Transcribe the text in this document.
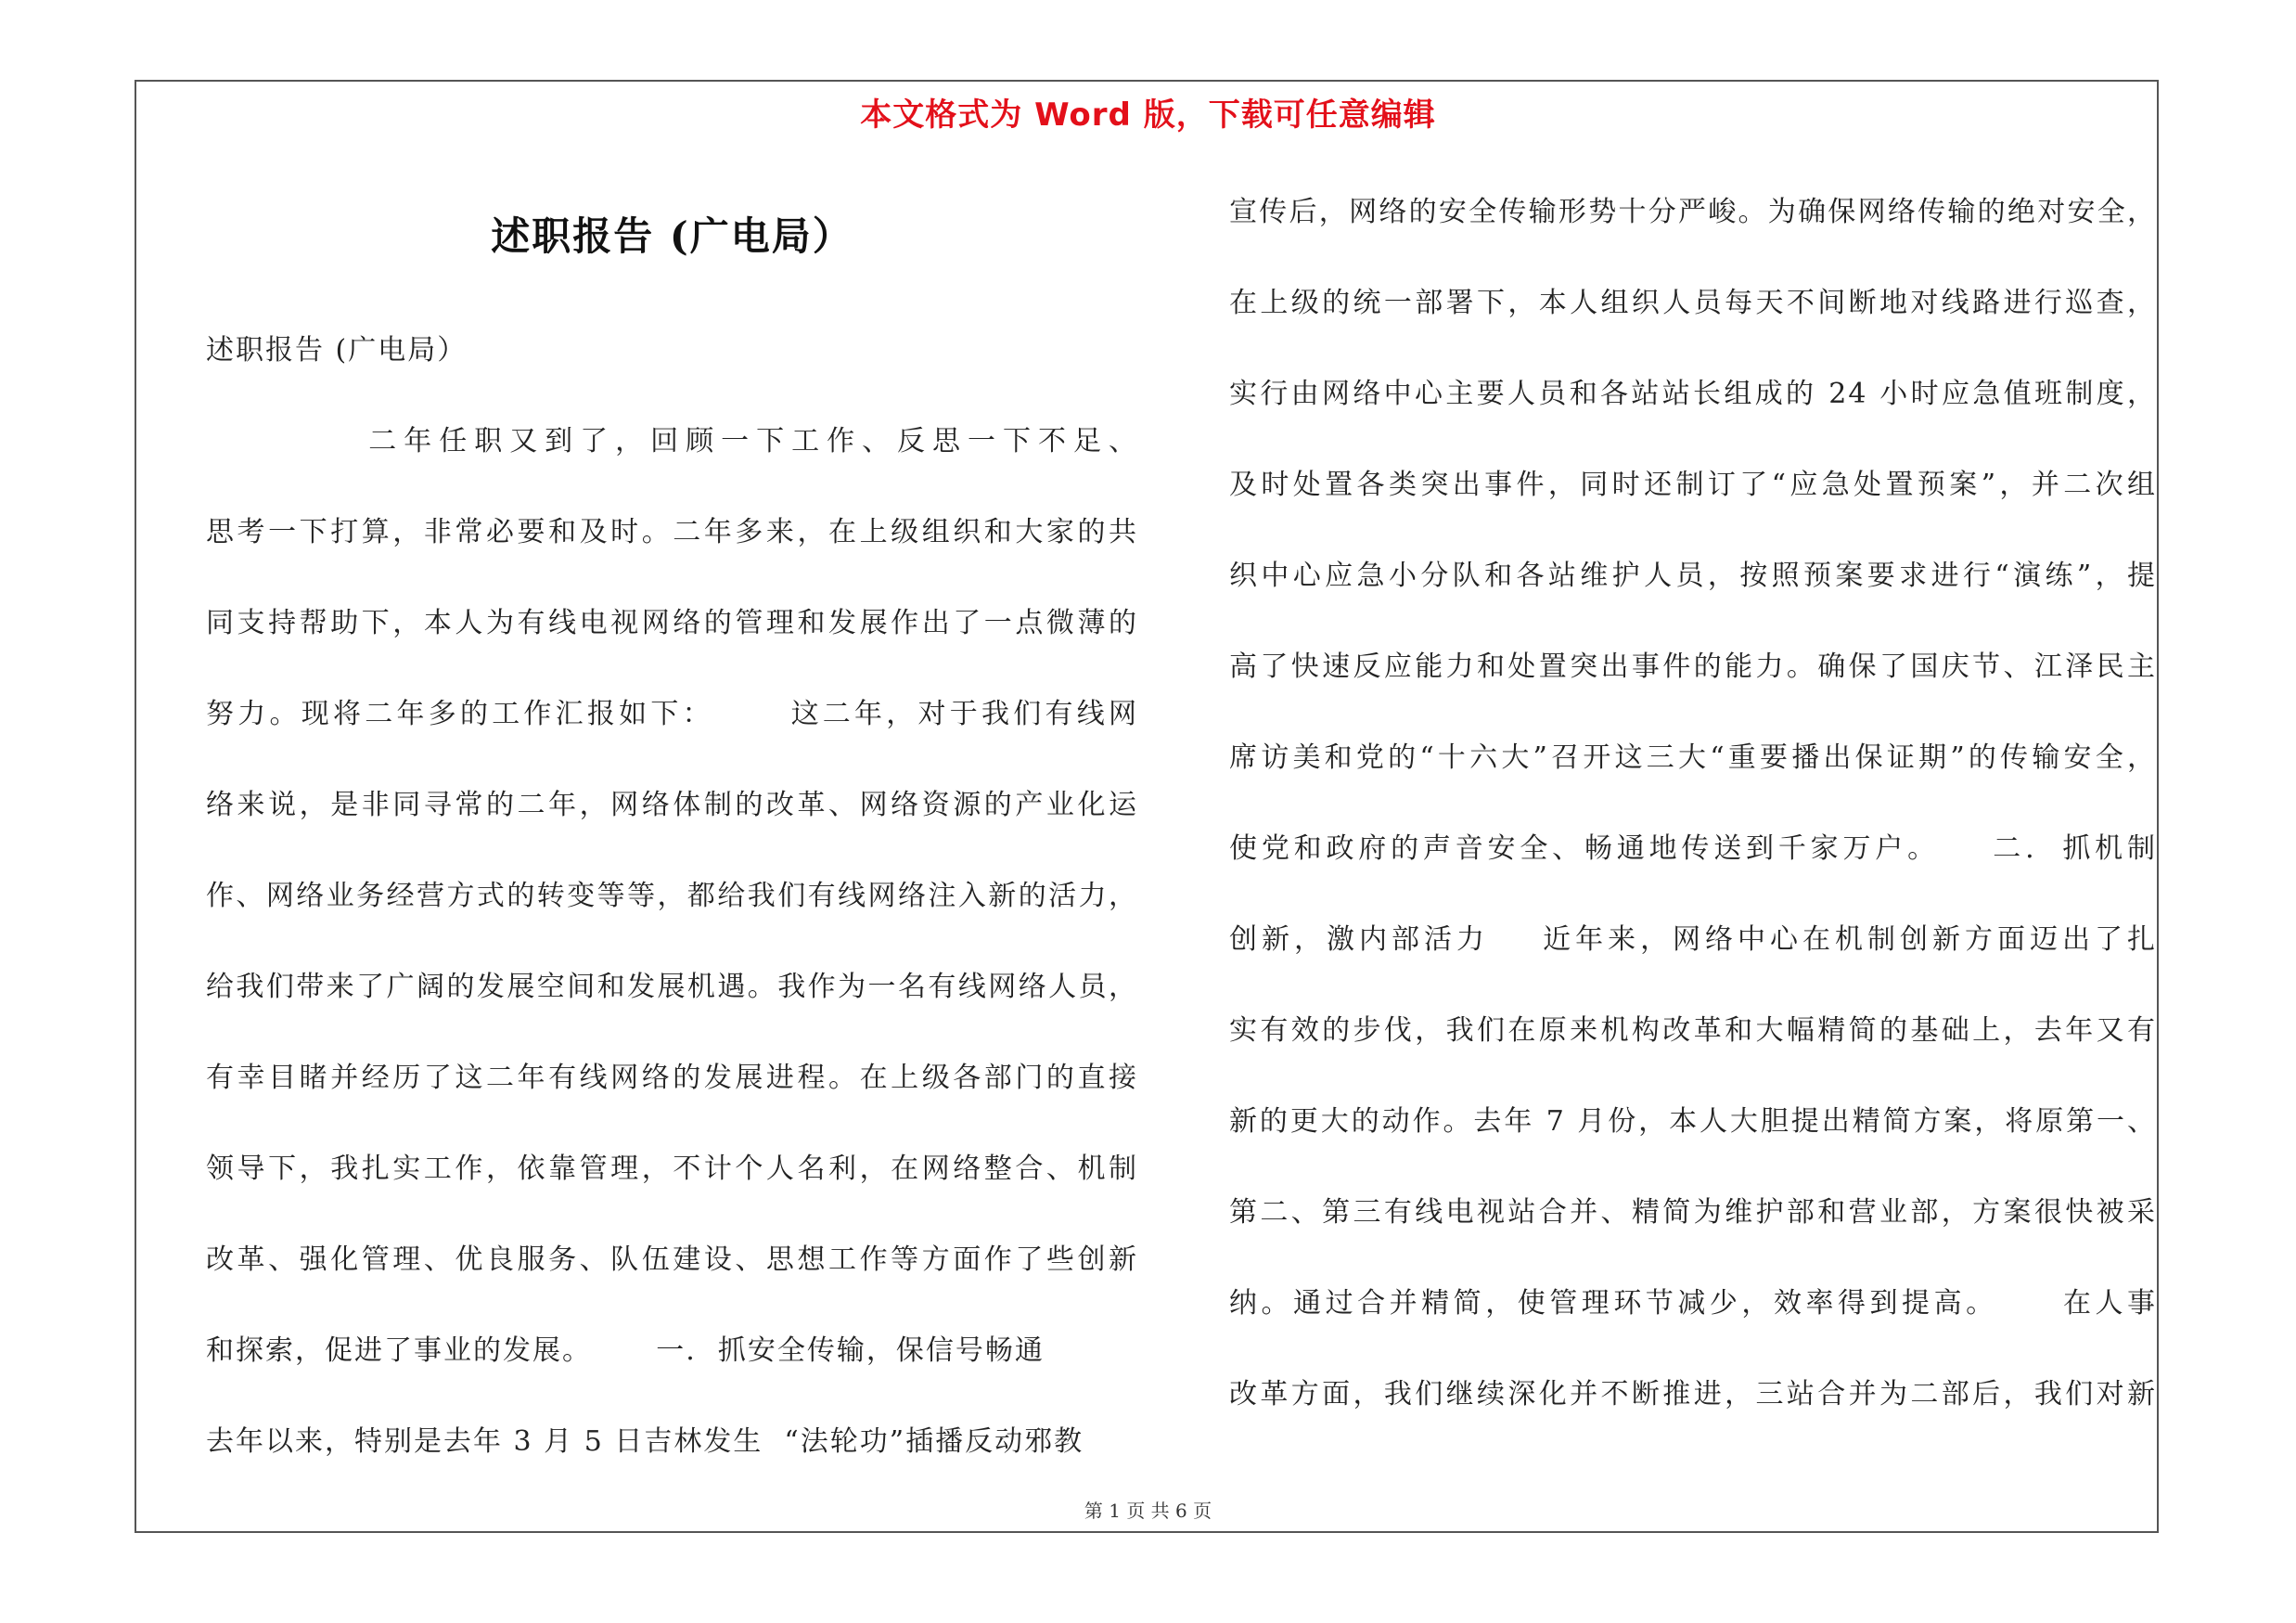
本文格式为 Word 版，下载可任意编辑
述职报告 (广电局）
述职报告 (广电局）
二年任职又到了，回顾一下工作、反思一下不足、
思考一下打算，非常必要和及时。二年多来，在上级组织和大家的共
同支持帮助下，本人为有线电视网络的管理和发展作出了一点微薄的
努力。现将二年多的工作汇报如下：      这二年，对于我们有线网
络来说，是非同寻常的二年，网络体制的改革、网络资源的产业化运
作、网络业务经营方式的转变等等，都给我们有线网络注入新的活力，
给我们带来了广阔的发展空间和发展机遇。我作为一名有线网络人员，
有幸目睹并经历了这二年有线网络的发展进程。在上级各部门的直接
领导下，我扎实工作，依靠管理，不计个人名利，在网络整合、机制
改革、强化管理、优良服务、队伍建设、思想工作等方面作了些创新
和探索，促进了事业的发展。      一.  抓安全传输，保信号畅通
去年以来，特别是去年 3 月 5 日吉林发生  “法轮功”插播反动邪教
宣传后，网络的安全传输形势十分严峻。为确保网络传输的绝对安全，
在上级的统一部署下，本人组织人员每天不间断地对线路进行巡查，
实行由网络中心主要人员和各站站长组成的 24 小时应急值班制度，
及时处置各类突出事件，同时还制订了“应急处置预案”，并二次组
织中心应急小分队和各站维护人员，按照预案要求进行“演练”，提
高了快速反应能力和处置突出事件的能力。确保了国庆节、江泽民主
席访美和党的“十六大”召开这三大“重要播出保证期”的传输安全，
使党和政府的声音安全、畅通地传送到千家万户。    二.  抓机制
创新，激内部活力    近年来，网络中心在机制创新方面迈出了扎
实有效的步伐，我们在原来机构改革和大幅精简的基础上，去年又有
新的更大的动作。去年 7 月份，本人大胆提出精简方案，将原第一、
第二、第三有线电视站合并、精简为维护部和营业部，方案很快被采
纳。通过合并精简，使管理环节减少，效率得到提高。     在人事
改革方面，我们继续深化并不断推进，三站合并为二部后，我们对新
第 1 页 共 6 页
